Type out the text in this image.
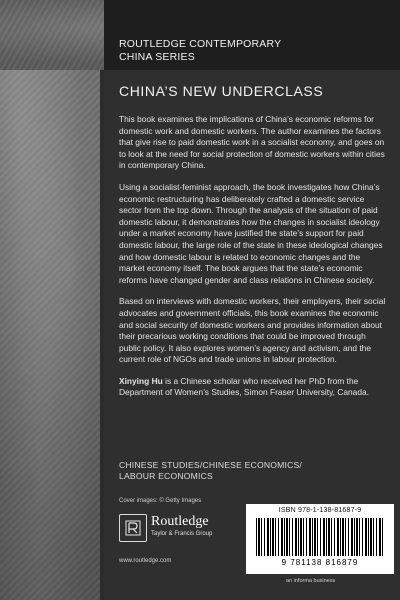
ROUTLEDGE CONTEMPORARY
CHINA SERIES
CHINA’S NEW UNDERCLASS

This book examines the implications of China’s economic reforms for domestic work and domestic workers. The author examines the factors that give rise to paid domestic work in a socialist economy, and goes on to look at the need for social protection of domestic workers within cities in contemporary China.

Using a socialist-feminist approach, the book investigates how China’s economic restructuring has deliberately crafted a domestic service sector from the top down. Through the analysis of the situation of paid domestic labour, it demonstrates how the changes in socialist ideology under a market economy have justified the state’s support for paid domestic labour, the large role of the state in these ideological changes and how domestic labour is related to economic changes and the market economy itself. The book argues that the state’s economic reforms have changed gender and class relations in Chinese society.

Based on interviews with domestic workers, their employers, their social advocates and government officials, this book examines the economic and social security of domestic workers and provides information about their precarious working conditions that could be improved through public policy. It also explores women’s agency and activism, and the current role of NGOs and trade unions in labour protection.

Xinying Hu is a Chinese scholar who received her PhD from the Department of Women’s Studies, Simon Fraser University, Canada.

CHINESE STUDIES/CHINESE ECONOMICS/
LABOUR ECONOMICS
Cover images: © Getty Images
Routledge
Taylor & Francis Group
www.routledge.com
ISBN 978-1-138-81687-9
9 781138 816879
an informa business
